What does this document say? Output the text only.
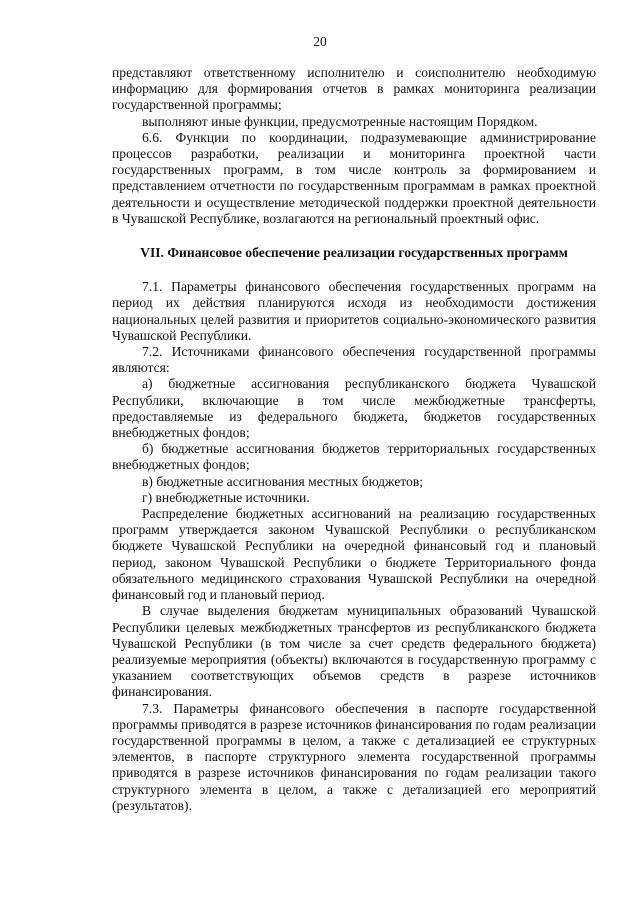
20

представляют ответственному исполнителю и соисполнителю необходимую информацию для формирования отчетов в рамках мониторинга реализации государственной программы;

выполняют иные функции, предусмотренные настоящим Порядком.

6.6. Функции по координации, подразумевающие администрирование процессов разработки, реализации и мониторинга проектной части государственных программ, в том числе контроль за формированием и представлением отчетности по государственным программам в рамках проектной деятельности и осуществление методической поддержки проектной деятельности в Чувашской Республике, возлагаются на региональный проектный офис.

VII. Финансовое обеспечение реализации государственных программ

7.1. Параметры финансового обеспечения государственных программ на период их действия планируются исходя из необходимости достижения национальных целей развития и приоритетов социально-экономического развития Чувашской Республики.

7.2. Источниками финансового обеспечения государственной программы являются:

а) бюджетные ассигнования республиканского бюджета Чувашской Республики, включающие в том числе межбюджетные трансферты, предоставляемые из федерального бюджета, бюджетов государственных внебюджетных фондов;

б) бюджетные ассигнования бюджетов территориальных государственных внебюджетных фондов;

в) бюджетные ассигнования местных бюджетов;

г) внебюджетные источники.

Распределение бюджетных ассигнований на реализацию государственных программ утверждается законом Чувашской Республики о республиканском бюджете Чувашской Республики на очередной финансовый год и плановый период, законом Чувашской Республики о бюджете Территориального фонда обязательного медицинского страхования Чувашской Республики на очередной финансовый год и плановый период.

В случае выделения бюджетам муниципальных образований Чувашской Республики целевых межбюджетных трансфертов из республиканского бюджета Чувашской Республики (в том числе за счет средств федерального бюджета) реализуемые мероприятия (объекты) включаются в государственную программу с указанием соответствующих объемов средств в разрезе источников финансирования.

7.3. Параметры финансового обеспечения в паспорте государственной программы приводятся в разрезе источников финансирования по годам реализации государственной программы в целом, а также с детализацией ее структурных элементов, в паспорте структурного элемента государственной программы приводятся в разрезе источников финансирования по годам реализации такого структурного элемента в целом, а также с детализацией его мероприятий (результатов).
